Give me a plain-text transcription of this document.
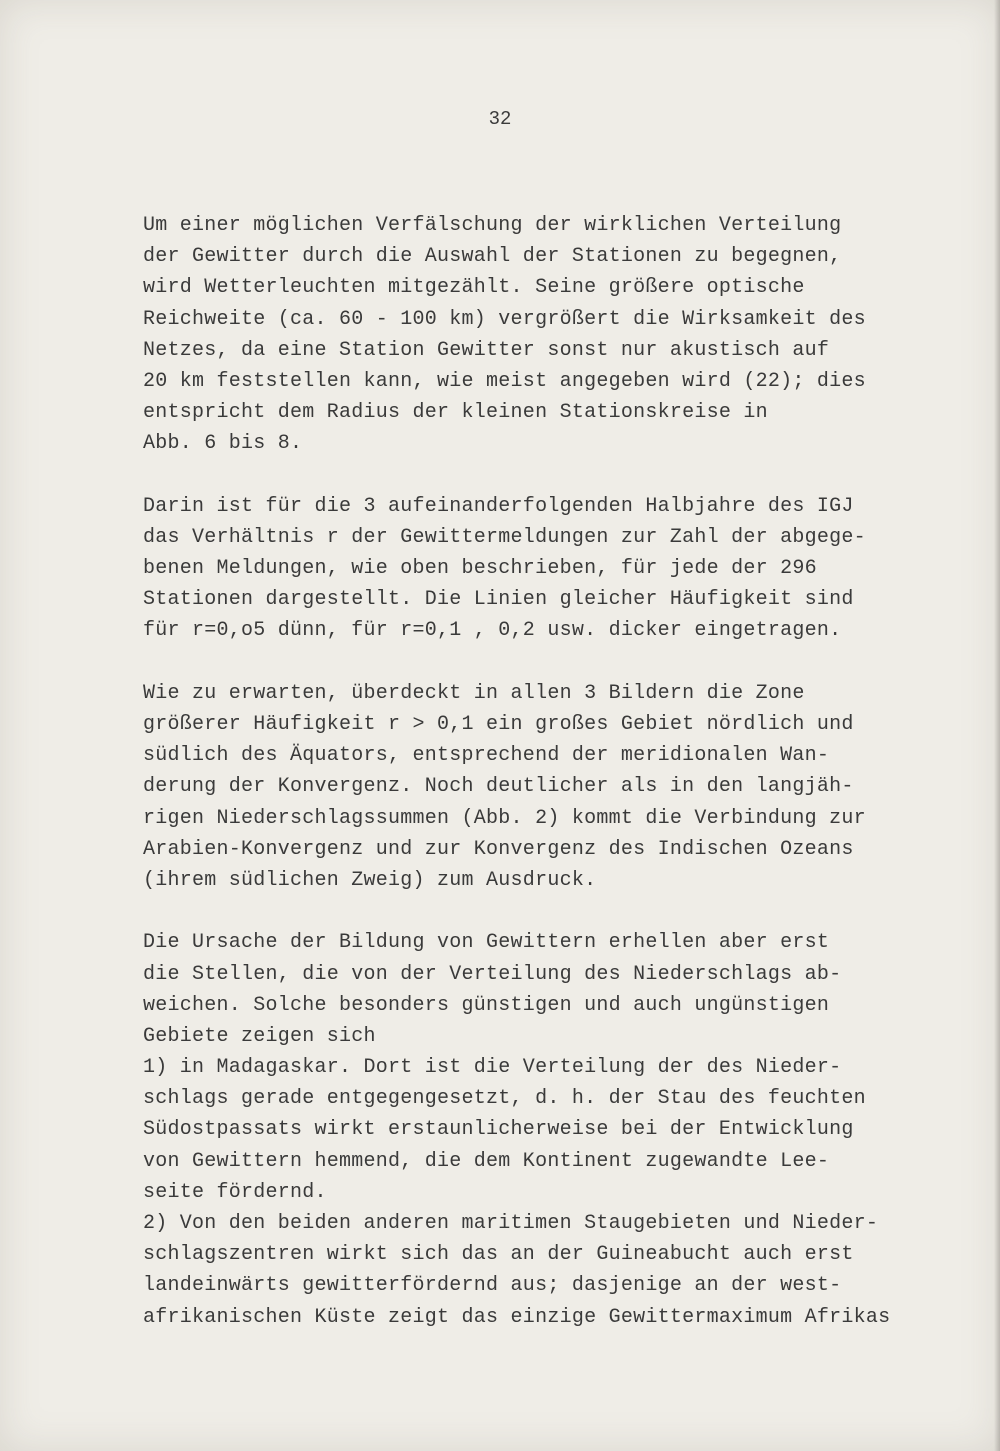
32
Um einer möglichen Verfälschung der wirklichen Verteilung
der Gewitter durch die Auswahl der Stationen zu begegnen,
wird Wetterleuchten mitgezählt. Seine größere optische
Reichweite (ca. 60 - 100 km) vergrößert die Wirksamkeit des
Netzes, da eine Station Gewitter sonst nur akustisch auf
20 km feststellen kann, wie meist angegeben wird (22); dies
entspricht dem Radius der kleinen Stationskreise in
Abb. 6 bis 8.
Darin ist für die 3 aufeinanderfolgenden Halbjahre des IGJ
das Verhältnis r der Gewittermeldungen zur Zahl der abgege-
benen Meldungen, wie oben beschrieben, für jede der 296
Stationen dargestellt. Die Linien gleicher Häufigkeit sind
für r=0,o5 dünn, für r=0,1 , 0,2 usw. dicker eingetragen.
Wie zu erwarten, überdeckt in allen 3 Bildern die Zone
größerer Häufigkeit r > 0,1 ein großes Gebiet nördlich und
südlich des Äquators, entsprechend der meridionalen Wan-
derung der Konvergenz. Noch deutlicher als in den langjäh-
rigen Niederschlagssummen (Abb. 2) kommt die Verbindung zur
Arabien-Konvergenz und zur Konvergenz des Indischen Ozeans
(ihrem südlichen Zweig) zum Ausdruck.
Die Ursache der Bildung von Gewittern erhellen aber erst
die Stellen, die von der Verteilung des Niederschlags ab-
weichen. Solche besonders günstigen und auch ungünstigen
Gebiete zeigen sich
1) in Madagaskar. Dort ist die Verteilung der des Nieder-
schlags gerade entgegengesetzt, d. h. der Stau des feuchten
Südostpassats wirkt erstaunlicherweise bei der Entwicklung
von Gewittern hemmend, die dem Kontinent zugewandte Lee-
seite fördernd.
2) Von den beiden anderen maritimen Staugebieten und Nieder-
schlagszentren wirkt sich das an der Guineabucht auch erst
landeinwärts gewitterfördernd aus; dasjenige an der west-
afrikanischen Küste zeigt das einzige Gewittermaximum Afrikas
